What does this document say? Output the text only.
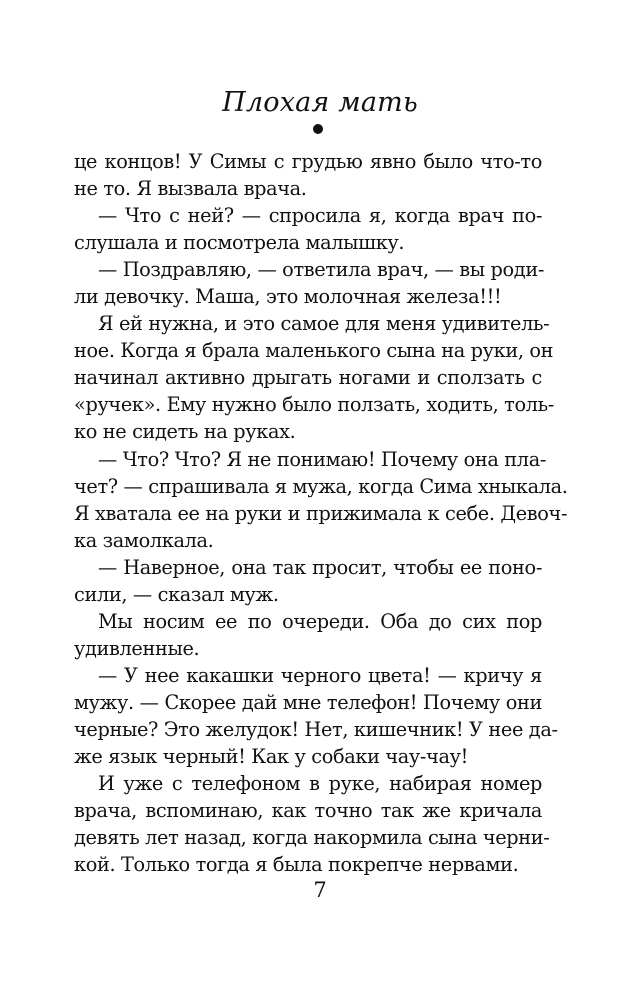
Плохая мать
це концов! У Симы с грудью явно было что-то
не то. Я вызвала врача.
— Что с ней? — спросила я, когда врач по-
слушала и посмотрела малышку.
— Поздравляю, — ответила врач, — вы роди-
ли девочку. Маша, это молочная железа!!!
Я ей нужна, и это самое для меня удивитель-
ное. Когда я брала маленького сына на руки, он
начинал активно дрыгать ногами и сползать с
«ручек». Ему нужно было ползать, ходить, толь-
ко не сидеть на руках.
— Что? Что? Я не понимаю! Почему она пла-
чет? — спрашивала я мужа, когда Сима хныкала.
Я хватала ее на руки и прижимала к себе. Девоч-
ка замолкала.
— Наверное, она так просит, чтобы ее поно-
сили, — сказал муж.
Мы носим ее по очереди. Оба до сих пор
удивленные.
— У нее какашки черного цвета! — кричу я
мужу. — Скорее дай мне телефон! Почему они
черные? Это желудок! Нет, кишечник! У нее да-
же язык черный! Как у собаки чау-чау!
И уже с телефоном в руке, набирая номер
врача, вспоминаю, как точно так же кричала
девять лет назад, когда накормила сына черни-
кой. Только тогда я была покрепче нервами.
7
